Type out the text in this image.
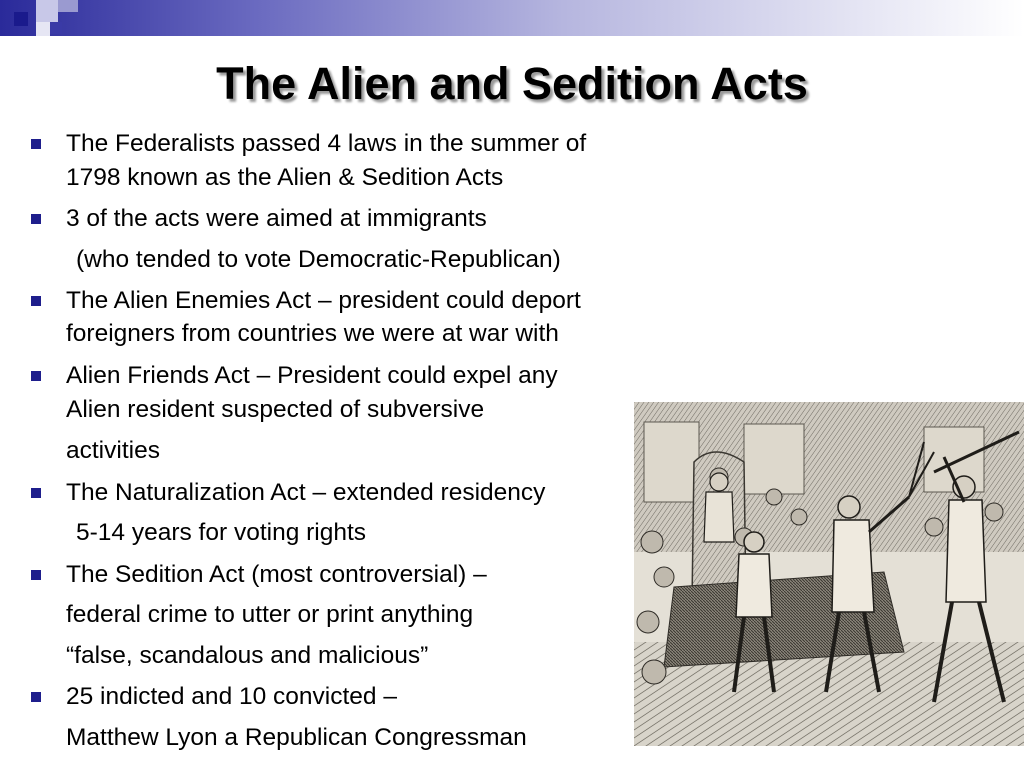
The Alien and Sedition Acts
The Federalists passed 4 laws in the summer of
1798 known as the Alien & Sedition Acts
3 of the acts were aimed at immigrants
(who tended to vote Democratic-Republican)
The Alien Enemies Act – president could deport
foreigners from countries we were at war with
Alien Friends Act – President could expel any
Alien resident suspected of subversive
activities
The Naturalization Act – extended residency
5-14 years for voting rights
The Sedition Act (most controversial) –
federal crime to utter or print anything
“false, scandalous and malicious”
25 indicted and 10 convicted –
Matthew Lyon a Republican Congressman
